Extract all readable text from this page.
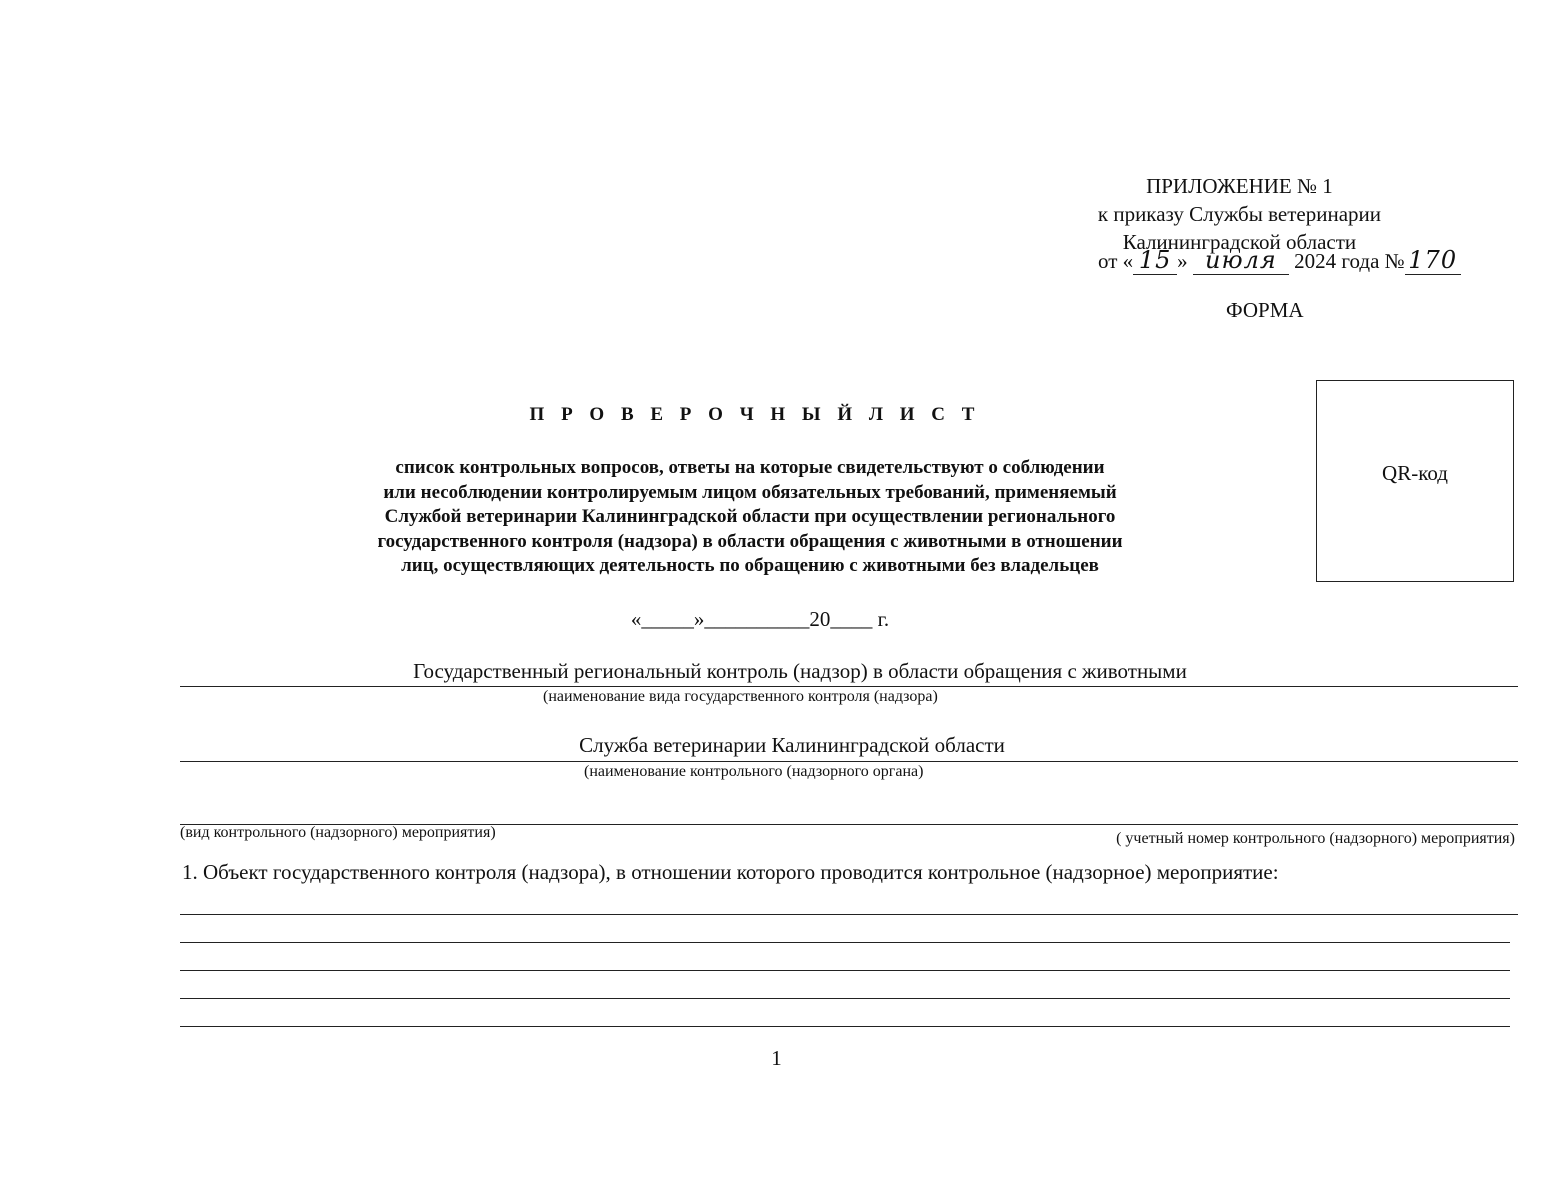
ПРИЛОЖЕНИЕ № 1
к приказу Службы ветеринарии
Калининградской области
от « 15 » июля 2024 года № 170
ФОРМА
П Р О В Е Р О Ч Н Ы Й Л И С Т
список контрольных вопросов, ответы на которые свидетельствуют о соблюдении
или несоблюдении контролируемым лицом обязательных требований, применяемый
Службой ветеринарии Калининградской области при осуществлении регионального
государственного контроля (надзора) в области обращения с животными в отношении
лиц, осуществляющих деятельность по обращению с животными без владельцев
QR-код
«_____»__________20____ г.
Государственный региональный контроль (надзор) в области обращения с животными
(наименование вида государственного контроля (надзора)
Служба ветеринарии Калининградской области
(наименование контрольного (надзорного органа)
(вид контрольного (надзорного) мероприятия)	( учетный номер контрольного (надзорного) мероприятия)
1. Объект государственного контроля (надзора), в отношении которого проводится контрольное (надзорное) мероприятие:
1
